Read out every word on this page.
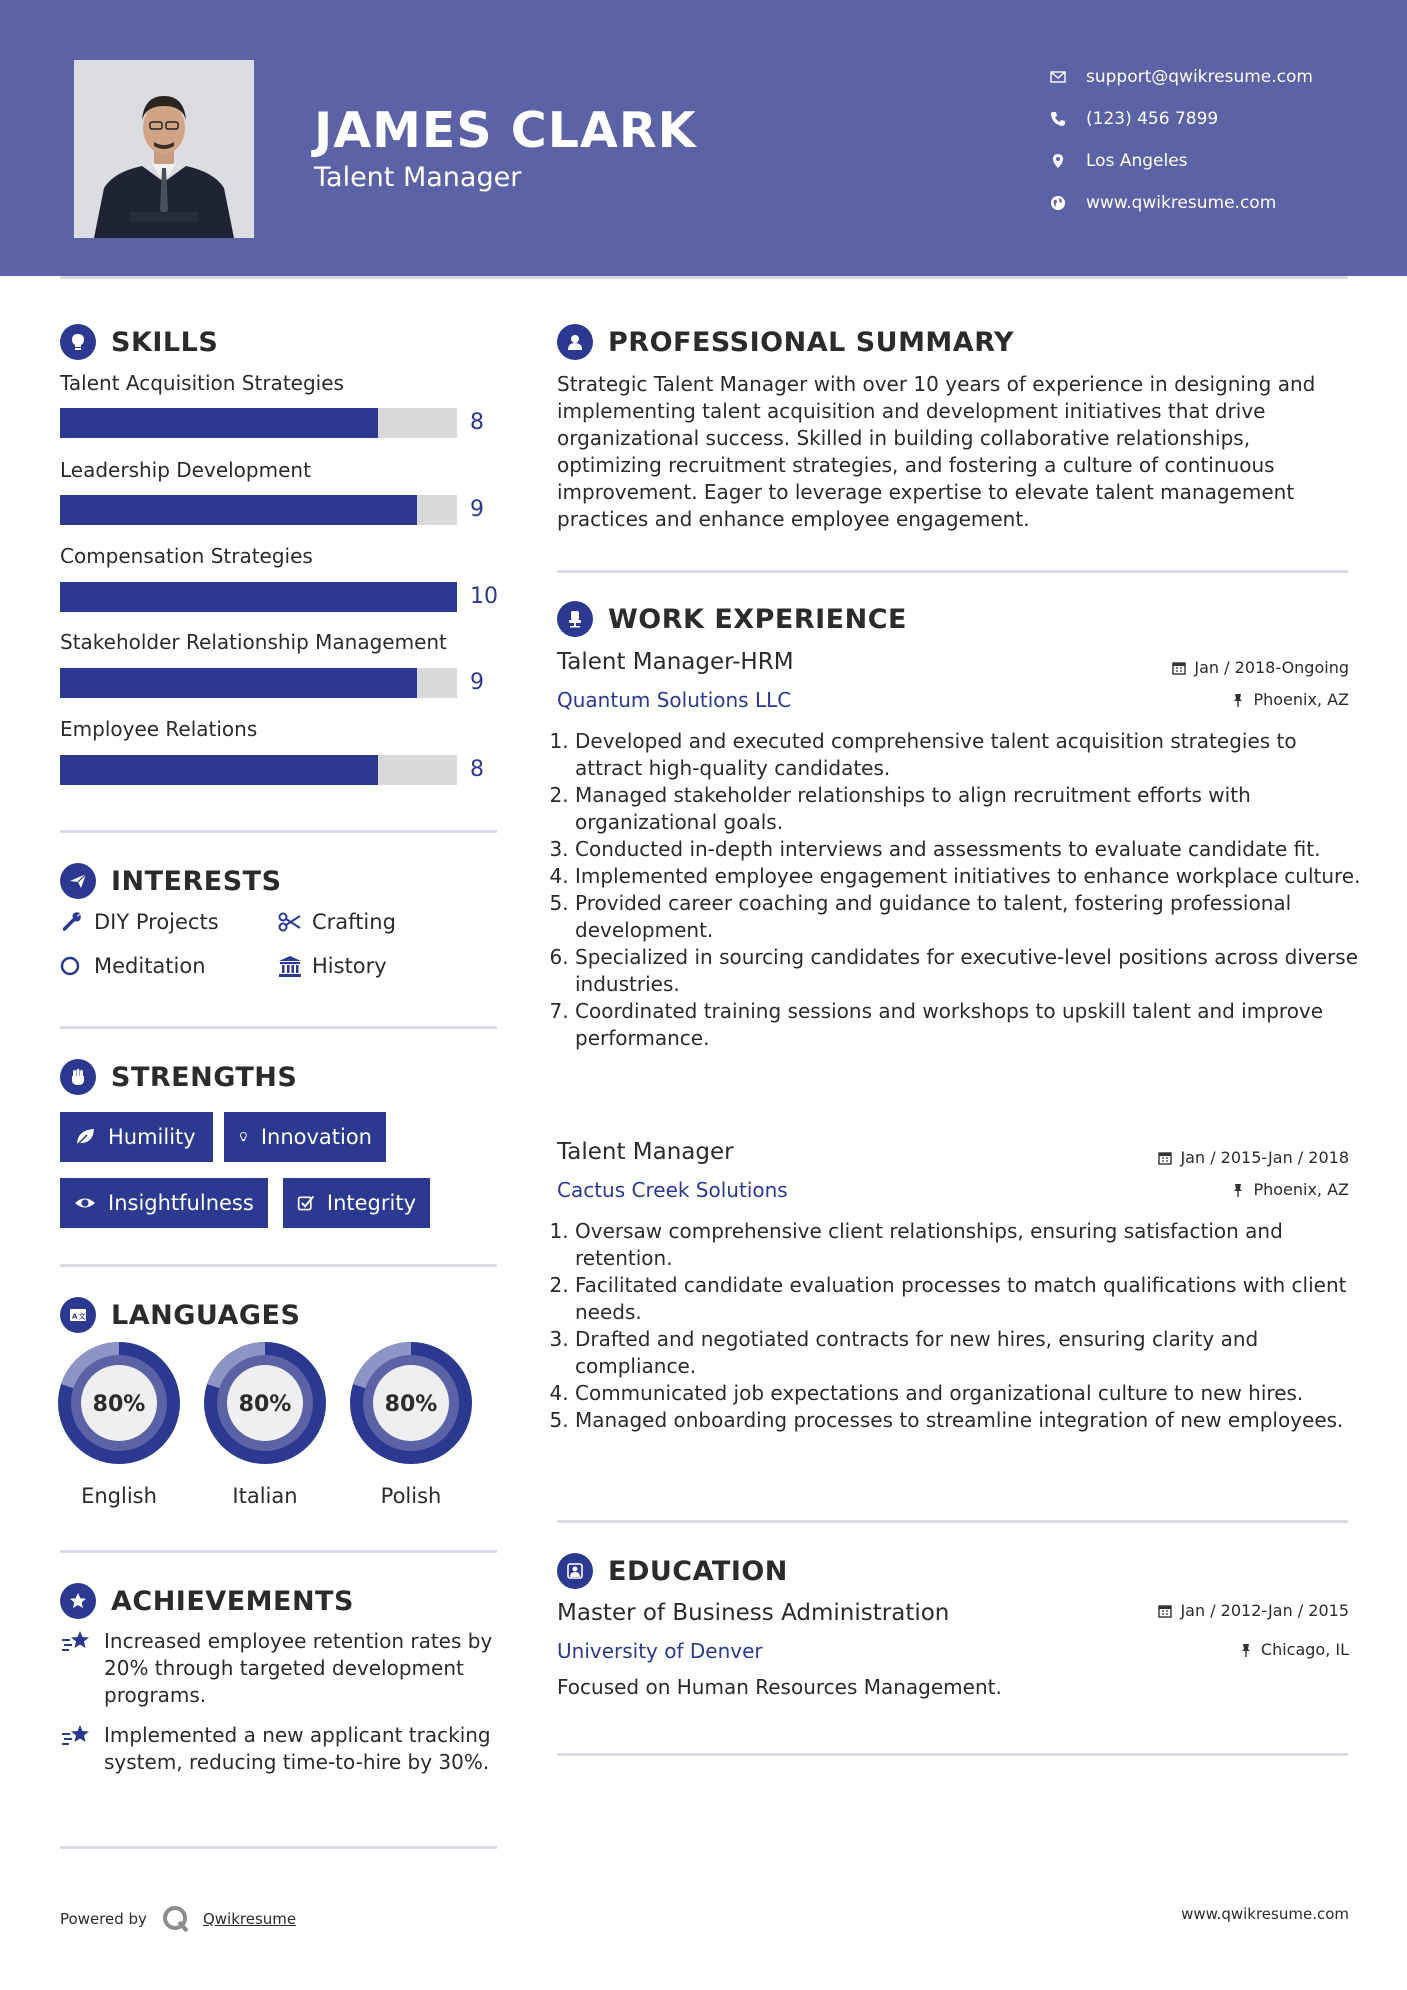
JAMES CLARK
Talent Manager
support@qwikresume.com
(123) 456 7899
Los Angeles
www.qwikresume.com
SKILLS
Talent Acquisition Strategies
8
Leadership Development
9
Compensation Strategies
10
Stakeholder Relationship Management
9
Employee Relations
8
INTERESTS
DIY Projects	Crafting
Meditation	History
STRENGTHS
Humility	Innovation
Insightfulness	Integrity
A 文 LANGUAGES
80%
English
80%
Italian
80%
Polish
ACHIEVEMENTS
Increased employee retention rates by 20% through targeted development programs.
Implemented a new applicant tracking system, reducing time-to-hire by 30%.
PROFESSIONAL SUMMARY
Strategic Talent Manager with over 10 years of experience in designing and implementing talent acquisition and development initiatives that drive organizational success. Skilled in building collaborative relationships, optimizing recruitment strategies, and fostering a culture of continuous improvement. Eager to leverage expertise to elevate talent management practices and enhance employee engagement.
WORK EXPERIENCE
Talent Manager-HRM
Quantum Solutions LLC
Jan / 2018-Ongoing
Phoenix, AZ
1. Developed and executed comprehensive talent acquisition strategies to attract high-quality candidates.
2. Managed stakeholder relationships to align recruitment efforts with organizational goals.
3. Conducted in-depth interviews and assessments to evaluate candidate fit.
4. Implemented employee engagement initiatives to enhance workplace culture.
5. Provided career coaching and guidance to talent, fostering professional development.
6. Specialized in sourcing candidates for executive-level positions across diverse industries.
7. Coordinated training sessions and workshops to upskill talent and improve performance.
Talent Manager
Cactus Creek Solutions
Jan / 2015-Jan / 2018
Phoenix, AZ
1. Oversaw comprehensive client relationships, ensuring satisfaction and retention.
2. Facilitated candidate evaluation processes to match qualifications with client needs.
3. Drafted and negotiated contracts for new hires, ensuring clarity and compliance.
4. Communicated job expectations and organizational culture to new hires.
5. Managed onboarding processes to streamline integration of new employees.
EDUCATION
Master of Business Administration
University of Denver
Jan / 2012-Jan / 2015
Chicago, IL
Focused on Human Resources Management.
Powered by	Qwikresume	www.qwikresume.com
